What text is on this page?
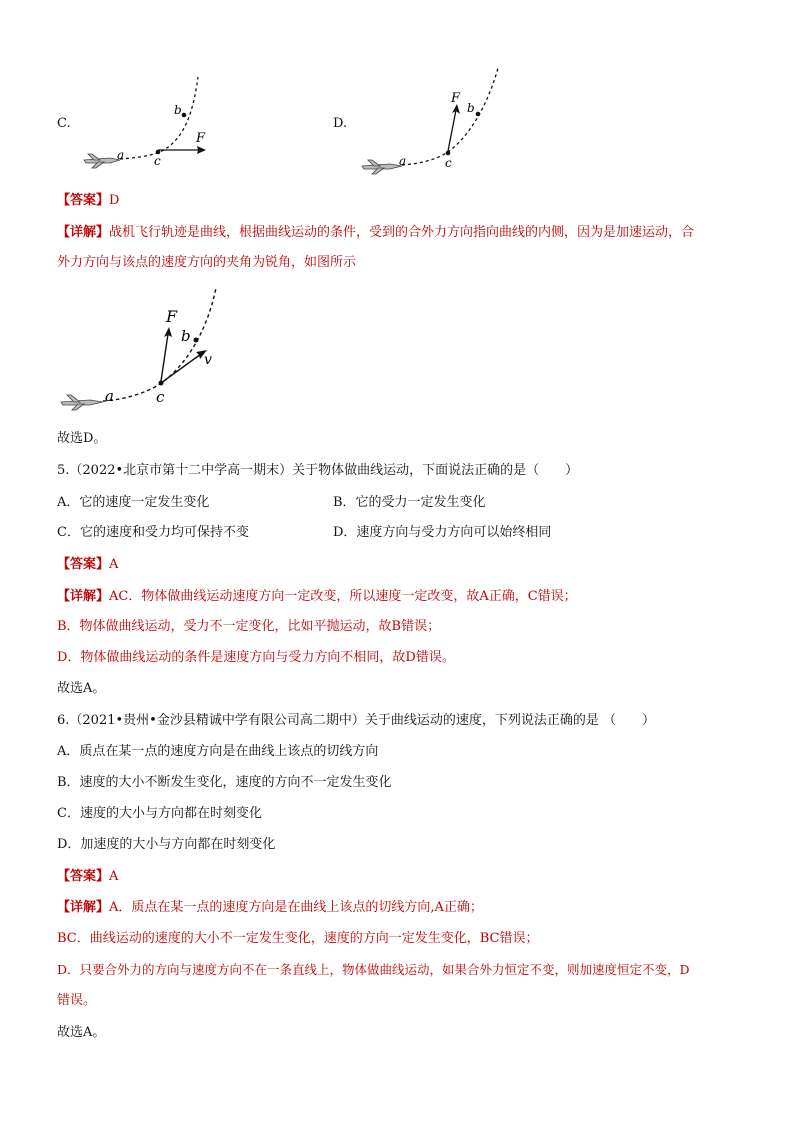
C.
a c
b
F
D.
a	c
b
F
【答案】D
【详解】战机飞行轨迹是曲线，根据曲线运动的条件，受到的合外力方向指向曲线的内侧，因为是加速运动，合
外力方向与该点的速度方向的夹角为锐角，如图所示
a	c
b
F
v
故选D。
5.（2022•北京市第十二中学高一期末）关于物体做曲线运动，下面说法正确的是（　　）
A．它的速度一定发生变化	B．它的受力一定发生变化
C．它的速度和受力均可保持不变	D．速度方向与受力方向可以始终相同
【答案】A
【详解】AC．物体做曲线运动速度方向一定改变，所以速度一定改变，故A正确，C错误；
B．物体做曲线运动，受力不一定变化，比如平抛运动，故B错误；
D．物体做曲线运动的条件是速度方向与受力方向不相同，故D错误。
故选A。
6.（2021•贵州•金沙县精诚中学有限公司高二期中）关于曲线运动的速度，下列说法正确的是 （　　）
A．质点在某一点的速度方向是在曲线上该点的切线方向
B．速度的大小不断发生变化，速度的方向不一定发生变化
C．速度的大小与方向都在时刻变化
D．加速度的大小与方向都在时刻变化
【答案】A
【详解】A．质点在某一点的速度方向是在曲线上该点的切线方向,A正确；
BC．曲线运动的速度的大小不一定发生变化，速度的方向一定发生变化，BC错误；
D．只要合外力的方向与速度方向不在一条直线上，物体做曲线运动，如果合外力恒定不变，则加速度恒定不变，D
错误。
故选A。
